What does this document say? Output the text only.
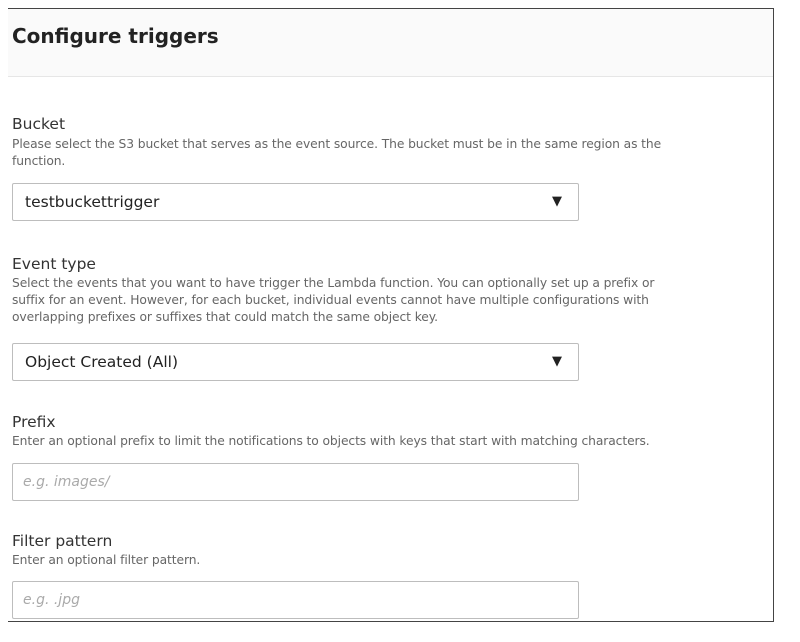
Configure triggers
Bucket
Please select the S3 bucket that serves as the event source. The bucket must be in the same region as the
function.
testbuckettrigger	▼
Event type
Select the events that you want to have trigger the Lambda function. You can optionally set up a prefix or
suffix for an event. However, for each bucket, individual events cannot have multiple configurations with
overlapping prefixes or suffixes that could match the same object key.
Object Created (All)	▼
Prefix
Enter an optional prefix to limit the notifications to objects with keys that start with matching characters.
e.g. images/
Filter pattern
Enter an optional filter pattern.
e.g. .jpg
